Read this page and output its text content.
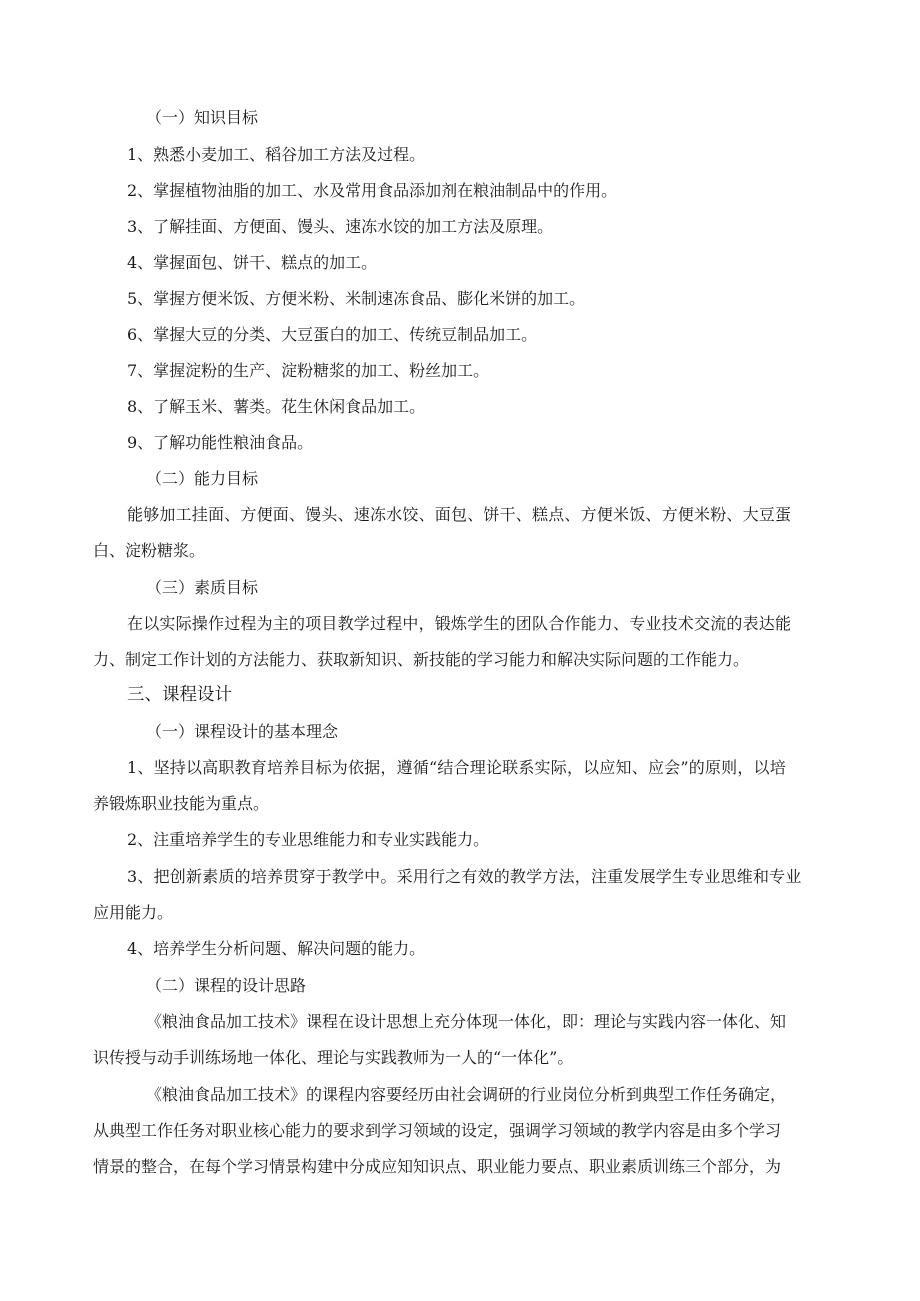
（一）知识目标
1、熟悉小麦加工、稻谷加工方法及过程。
2、掌握植物油脂的加工、水及常用食品添加剂在粮油制品中的作用。
3、了解挂面、方便面、馒头、速冻水饺的加工方法及原理。
4、掌握面包、饼干、糕点的加工。
5、掌握方便米饭、方便米粉、米制速冻食品、膨化米饼的加工。
6、掌握大豆的分类、大豆蛋白的加工、传统豆制品加工。
7、掌握淀粉的生产、淀粉糖浆的加工、粉丝加工。
8、了解玉米、薯类。花生休闲食品加工。
9、了解功能性粮油食品。
（二）能力目标
能够加工挂面、方便面、馒头、速冻水饺、面包、饼干、糕点、方便米饭、方便米粉、大豆蛋
白、淀粉糖浆。
（三）素质目标
在以实际操作过程为主的项目教学过程中，锻炼学生的团队合作能力、专业技术交流的表达能
力、制定工作计划的方法能力、获取新知识、新技能的学习能力和解决实际问题的工作能力。
三、课程设计
（一）课程设计的基本理念
1、坚持以高职教育培养目标为依据，遵循“结合理论联系实际，以应知、应会”的原则，以培
养锻炼职业技能为重点。
2、注重培养学生的专业思维能力和专业实践能力。
3、把创新素质的培养贯穿于教学中。采用行之有效的教学方法，注重发展学生专业思维和专业
应用能力。
4、培养学生分析问题、解决问题的能力。
（二）课程的设计思路
《粮油食品加工技术》课程在设计思想上充分体现一体化，即：理论与实践内容一体化、知
识传授与动手训练场地一体化、理论与实践教师为一人的“一体化”。
《粮油食品加工技术》的课程内容要经历由社会调研的行业岗位分析到典型工作任务确定，
从典型工作任务对职业核心能力的要求到学习领域的设定，强调学习领域的教学内容是由多个学习
情景的整合，在每个学习情景构建中分成应知知识点、职业能力要点、职业素质训练三个部分，为
